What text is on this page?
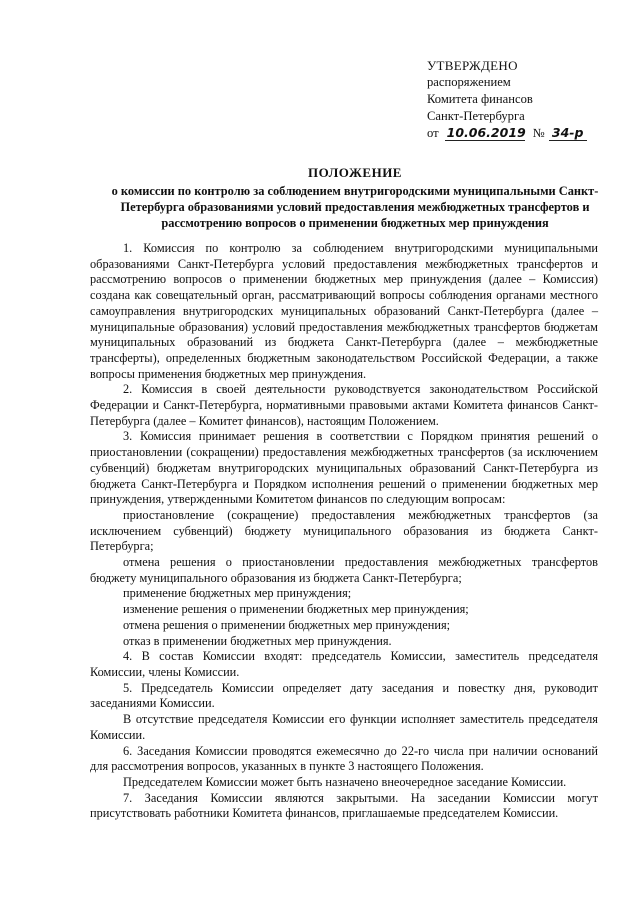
УТВЕРЖДЕНО
распоряжением
Комитета финансов
Санкт-Петербурга
от 10.06.2019 № 34-р
ПОЛОЖЕНИЕ
о комиссии по контролю за соблюдением внутригородскими муниципальными Санкт-Петербурга образованиями условий предоставления межбюджетных трансфертов и рассмотрению вопросов о применении бюджетных мер принуждения

1. Комиссия по контролю за соблюдением внутригородскими муниципальными образованиями Санкт-Петербурга условий предоставления межбюджетных трансфертов и рассмотрению вопросов о применении бюджетных мер принуждения (далее – Комиссия) создана как совещательный орган, рассматривающий вопросы соблюдения органами местного самоуправления внутригородских муниципальных образований Санкт-Петербурга (далее – муниципальные образования) условий предоставления межбюджетных трансфертов бюджетам муниципальных образований из бюджета Санкт-Петербурга (далее – межбюджетные трансферты), определенных бюджетным законодательством Российской Федерации, а также вопросы применения бюджетных мер принуждения.

2. Комиссия в своей деятельности руководствуется законодательством Российской Федерации и Санкт-Петербурга, нормативными правовыми актами Комитета финансов Санкт-Петербурга (далее – Комитет финансов), настоящим Положением.

3. Комиссия принимает решения в соответствии с Порядком принятия решений о приостановлении (сокращении) предоставления межбюджетных трансфертов (за исключением субвенций) бюджетам внутригородских муниципальных образований Санкт-Петербурга из бюджета Санкт-Петербурга и Порядком исполнения решений о применении бюджетных мер принуждения, утвержденными Комитетом финансов по следующим вопросам:

приостановление (сокращение) предоставления межбюджетных трансфертов (за исключением субвенций) бюджету муниципального образования из бюджета Санкт-Петербурга;

отмена решения о приостановлении предоставления межбюджетных трансфертов бюджету муниципального образования из бюджета Санкт-Петербурга;

применение бюджетных мер принуждения;

изменение решения о применении бюджетных мер принуждения;

отмена решения о применении бюджетных мер принуждения;

отказ в применении бюджетных мер принуждения.

4. В состав Комиссии входят: председатель Комиссии, заместитель председателя Комиссии, члены Комиссии.

5. Председатель Комиссии определяет дату заседания и повестку дня, руководит заседаниями Комиссии.

В отсутствие председателя Комиссии его функции исполняет заместитель председателя Комиссии.

6. Заседания Комиссии проводятся ежемесячно до 22-го числа при наличии оснований для рассмотрения вопросов, указанных в пункте 3 настоящего Положения.

Председателем Комиссии может быть назначено внеочередное заседание Комиссии.

7. Заседания Комиссии являются закрытыми. На заседании Комиссии могут присутствовать работники Комитета финансов, приглашаемые председателем Комиссии.
